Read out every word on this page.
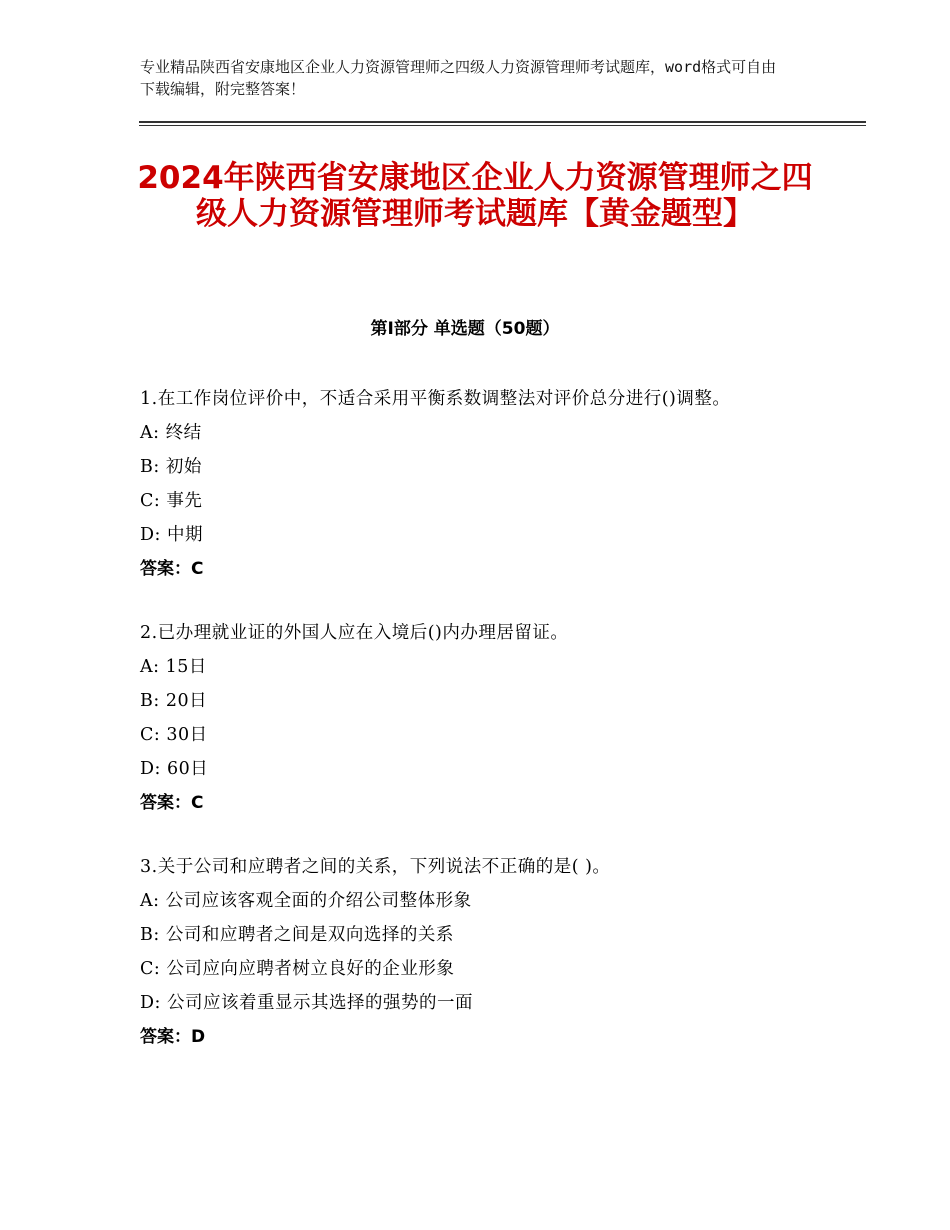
专业精品陕西省安康地区企业人力资源管理师之四级人力资源管理师考试题库，word格式可自由下载编辑，附完整答案！
2024年陕西省安康地区企业人力资源管理师之四级人力资源管理师考试题库【黄金题型】
第Ⅰ部分 单选题（50题）
1.在工作岗位评价中，不适合采用平衡系数调整法对评价总分进行()调整。
A: 终结
B: 初始
C: 事先
D: 中期
答案：C
2.已办理就业证的外国人应在入境后()内办理居留证。
A: 15日
B: 20日
C: 30日
D: 60日
答案：C
3.关于公司和应聘者之间的关系，下列说法不正确的是( )。
A: 公司应该客观全面的介绍公司整体形象
B: 公司和应聘者之间是双向选择的关系
C: 公司应向应聘者树立良好的企业形象
D: 公司应该着重显示其选择的强势的一面
答案：D
